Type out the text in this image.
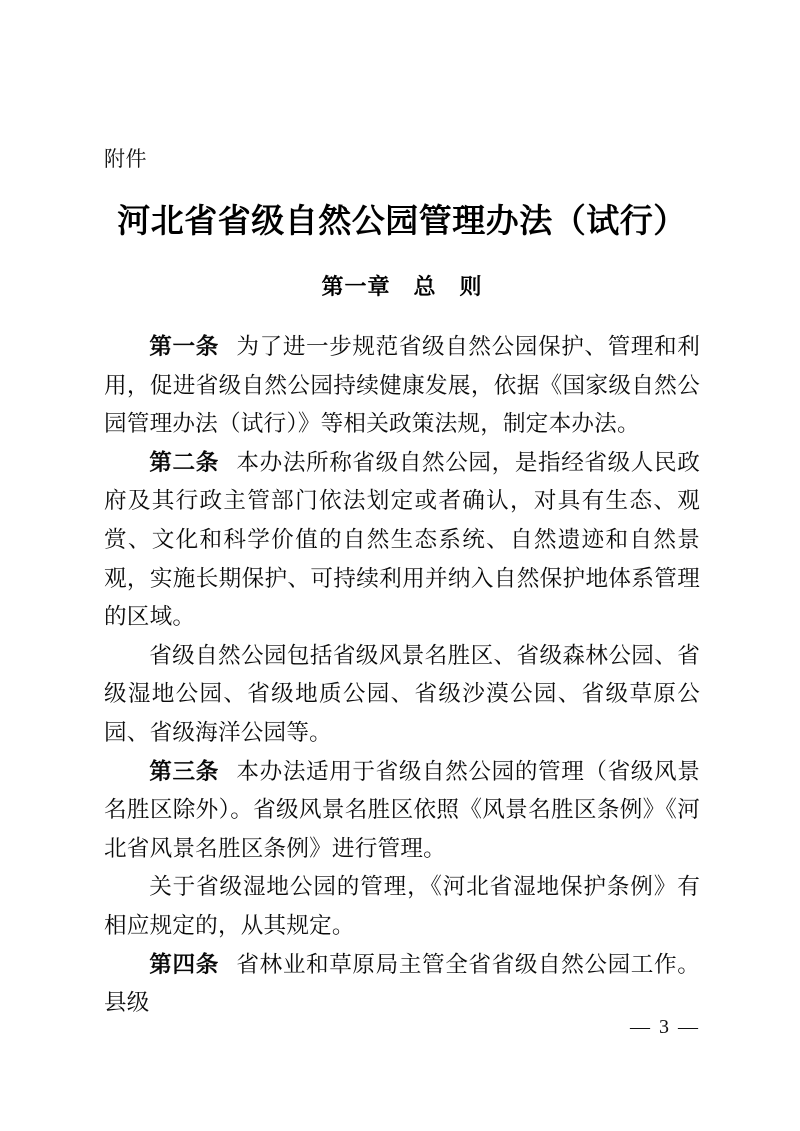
附件
河北省省级自然公园管理办法（试行）
第一章　总　则

第一条 为了进一步规范省级自然公园保护、管理和利用，促进省级自然公园持续健康发展，依据《国家级自然公园管理办法（试行）》等相关政策法规，制定本办法。

第二条 本办法所称省级自然公园，是指经省级人民政府及其行政主管部门依法划定或者确认，对具有生态、观赏、文化和科学价值的自然生态系统、自然遗迹和自然景观，实施长期保护、可持续利用并纳入自然保护地体系管理的区域。

省级自然公园包括省级风景名胜区、省级森林公园、省级湿地公园、省级地质公园、省级沙漠公园、省级草原公园、省级海洋公园等。

第三条 本办法适用于省级自然公园的管理（省级风景名胜区除外）。省级风景名胜区依照《风景名胜区条例》《河北省风景名胜区条例》进行管理。

关于省级湿地公园的管理，《河北省湿地保护条例》有相应规定的，从其规定。

第四条 省林业和草原局主管全省省级自然公园工作。县级

— 3 —
